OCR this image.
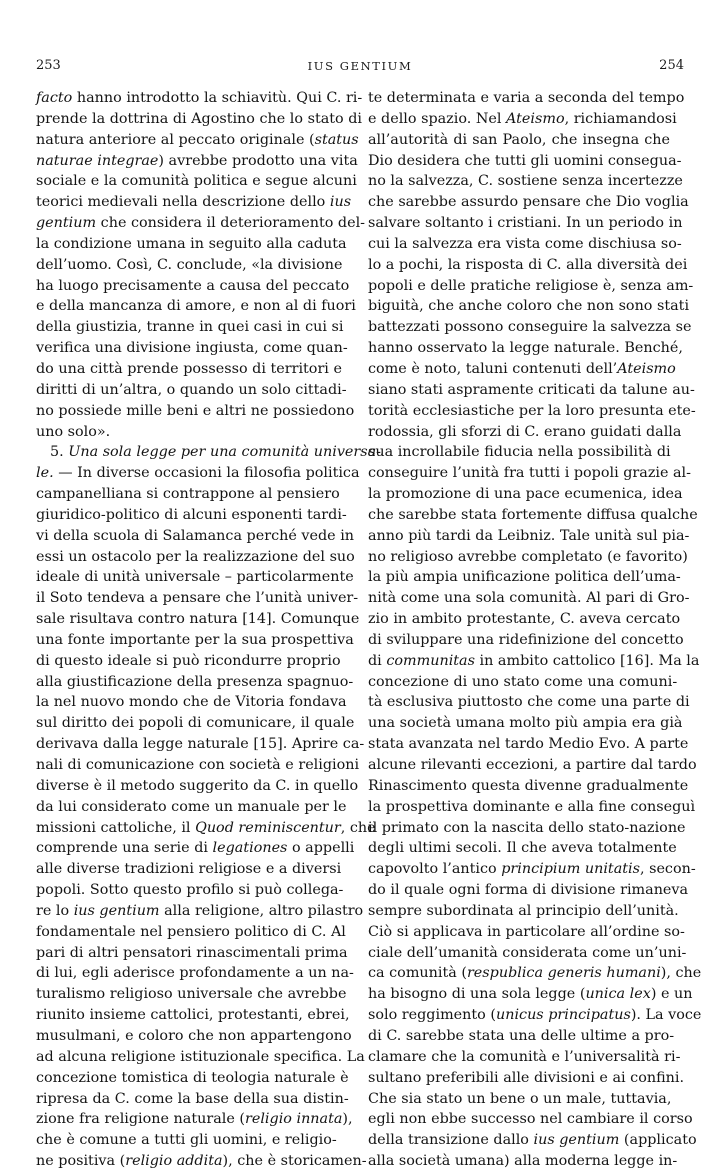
253	IUS GENTIUM	254
facto hanno introdotto la schiavitù. Qui C. ri-
prende la dottrina di Agostino che lo stato di
natura anteriore al peccato originale (status
naturae integrae) avrebbe prodotto una vita
sociale e la comunità politica e segue alcuni
teorici medievali nella descrizione dello ius
gentium che considera il deterioramento del-
la condizione umana in seguito alla caduta
dell’uomo. Così, C. conclude, «la divisione
ha luogo precisamente a causa del peccato
e della mancanza di amore, e non al di fuori
della giustizia, tranne in quei casi in cui si
verifica una divisione ingiusta, come quan-
do una città prende possesso di territori e
diritti di un’altra, o quando un solo cittadi-
no possiede mille beni e altri ne possiedono
uno solo».
5. Una sola legge per una comunità universa-
le. — In diverse occasioni la filosofia politica
campanelliana si contrappone al pensiero
giuridico-politico di alcuni esponenti tardi-
vi della scuola di Salamanca perché vede in
essi un ostacolo per la realizzazione del suo
ideale di unità universale – particolarmente
il Soto tendeva a pensare che l’unità univer-
sale risultava contro natura [14]. Comunque
una fonte importante per la sua prospettiva
di questo ideale si può ricondurre proprio
alla giustificazione della presenza spagnuo-
la nel nuovo mondo che de Vitoria fondava
sul diritto dei popoli di comunicare, il quale
derivava dalla legge naturale [15]. Aprire ca-
nali di comunicazione con società e religioni
diverse è il metodo suggerito da C. in quello
da lui considerato come un manuale per le
missioni cattoliche, il Quod reminiscentur, che
comprende una serie di legationes o appelli
alle diverse tradizioni religiose e a diversi
popoli. Sotto questo profilo si può collega-
re lo ius gentium alla religione, altro pilastro
fondamentale nel pensiero politico di C. Al
pari di altri pensatori rinascimentali prima
di lui, egli aderisce profondamente a un na-
turalismo religioso universale che avrebbe
riunito insieme cattolici, protestanti, ebrei,
musulmani, e coloro che non appartengono
ad alcuna religione istituzionale specifica. La
concezione tomistica di teologia naturale è
ripresa da C. come la base della sua distin-
zione fra religione naturale (religio innata),
che è comune a tutti gli uomini, e religio-
ne positiva (religio addita), che è storicamen-
te determinata e varia a seconda del tempo
e dello spazio. Nel Ateismo, richiamandosi
all’autorità di san Paolo, che insegna che
Dio desidera che tutti gli uomini consegua-
no la salvezza, C. sostiene senza incertezze
che sarebbe assurdo pensare che Dio voglia
salvare soltanto i cristiani. In un periodo in
cui la salvezza era vista come dischiusa so-
lo a pochi, la risposta di C. alla diversità dei
popoli e delle pratiche religiose è, senza am-
biguità, che anche coloro che non sono stati
battezzati possono conseguire la salvezza se
hanno osservato la legge naturale. Benché,
come è noto, taluni contenuti dell’Ateismo
siano stati aspramente criticati da talune au-
torità ecclesiastiche per la loro presunta ete-
rodossia, gli sforzi di C. erano guidati dalla
sua incrollabile fiducia nella possibilità di
conseguire l’unità fra tutti i popoli grazie al-
la promozione di una pace ecumenica, idea
che sarebbe stata fortemente diffusa qualche
anno più tardi da Leibniz. Tale unità sul pia-
no religioso avrebbe completato (e favorito)
la più ampia unificazione politica dell’uma-
nità come una sola comunità. Al pari di Gro-
zio in ambito protestante, C. aveva cercato
di sviluppare una ridefinizione del concetto
di communitas in ambito cattolico [16]. Ma la
concezione di uno stato come una comuni-
tà esclusiva piuttosto che come una parte di
una società umana molto più ampia era già
stata avanzata nel tardo Medio Evo. A parte
alcune rilevanti eccezioni, a partire dal tardo
Rinascimento questa divenne gradualmente
la prospettiva dominante e alla fine conseguì
il primato con la nascita dello stato-nazione
degli ultimi secoli. Il che aveva totalmente
capovolto l’antico principium unitatis, secon-
do il quale ogni forma di divisione rimaneva
sempre subordinata al principio dell’unità.
Ciò si applicava in particolare all’ordine so-
ciale dell’umanità considerata come un’uni-
ca comunità (respublica generis humani), che
ha bisogno di una sola legge (unica lex) e un
solo reggimento (unicus principatus). La voce
di C. sarebbe stata una delle ultime a pro-
clamare che la comunità e l’universalità ri-
sultano preferibili alle divisioni e ai confini.
Che sia stato un bene o un male, tuttavia,
egli non ebbe successo nel cambiare il corso
della transizione dallo ius gentium (applicato
alla società umana) alla moderna legge in-
